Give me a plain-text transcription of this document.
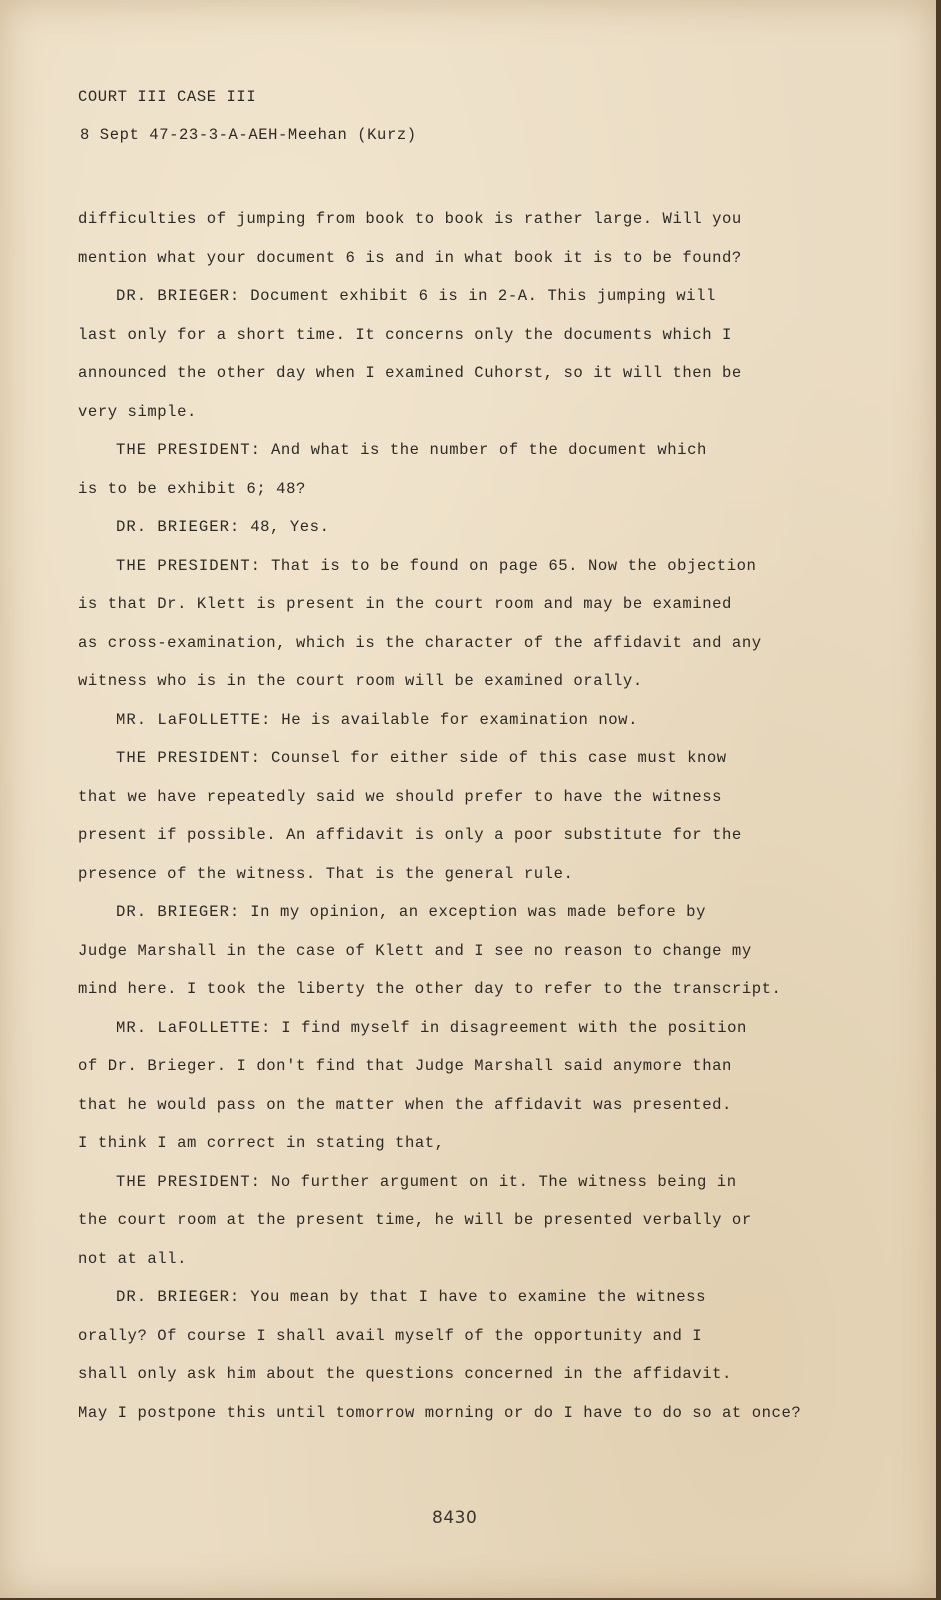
COURT III CASE III
8 Sept 47-23-3-A-AEH-Meehan (Kurz)
difficulties of jumping from book to book is rather large. Will you
mention what your document 6 is and in what book it is to be found?
DR. BRIEGER: Document exhibit 6 is in 2-A. This jumping will
last only for a short time. It concerns only the documents which I
announced the other day when I examined Cuhorst, so it will then be
very simple.
THE PRESIDENT: And what is the number of the document which
is to be exhibit 6; 48?
DR. BRIEGER: 48, Yes.
THE PRESIDENT: That is to be found on page 65. Now the objection
is that Dr. Klett is present in the court room and may be examined
as cross-examination, which is the character of the affidavit and any
witness who is in the court room will be examined orally.
MR. LaFOLLETTE: He is available for examination now.
THE PRESIDENT: Counsel for either side of this case must know
that we have repeatedly said we should prefer to have the witness
present if possible. An affidavit is only a poor substitute for the
presence of the witness. That is the general rule.
DR. BRIEGER: In my opinion, an exception was made before by
Judge Marshall in the case of Klett and I see no reason to change my
mind here. I took the liberty the other day to refer to the transcript.
MR. LaFOLLETTE: I find myself in disagreement with the position
of Dr. Brieger. I don't find that Judge Marshall said anymore than
that he would pass on the matter when the affidavit was presented.
I think I am correct in stating that,
THE PRESIDENT: No further argument on it. The witness being in
the court room at the present time, he will be presented verbally or
not at all.
DR. BRIEGER: You mean by that I have to examine the witness
orally? Of course I shall avail myself of the opportunity and I
shall only ask him about the questions concerned in the affidavit.
May I postpone this until tomorrow morning or do I have to do so at once?
8430
